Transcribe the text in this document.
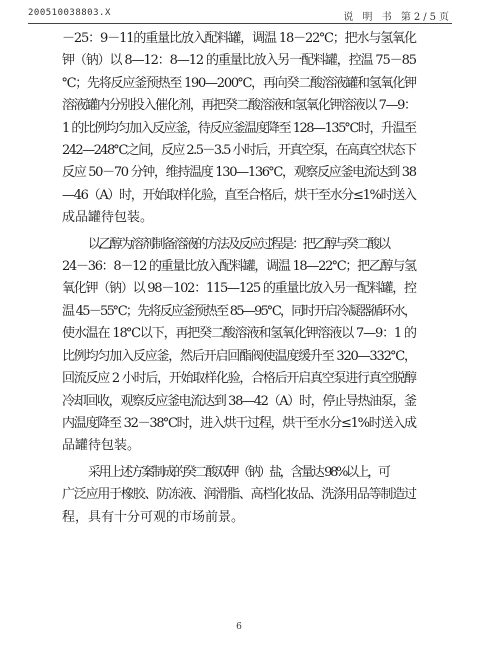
200510038803.X	说 明 书 第2/5页
－25：9－11的重量比放入配料罐，调温 18－22℃；把水与氢氧化
钾（钠）以 8—12：8—12 的重量比放入另一配料罐，控温 75－85
℃；先将反应釜预热至 190—200℃，再向癸二酸溶液罐和氢氧化钾
溶液罐内分别投入催化剂，再把癸二酸溶液和氢氧化钾溶液以 7—9：
1 的比例均匀加入反应釜，待反应釜温度降至 128—135℃时，升温至
242—248℃之间，反应 2.5－3.5 小时后，开真空泵，在高真空状态下
反应 50－70 分钟，维持温度 130—136℃，观察反应釜电流达到 38
—46（A）时，开始取样化验，直至合格后，烘干至水分≤1%时送入
成品罐待包装。
以乙醇为溶剂制备溶液的方法及反应过程是：把乙醇与癸二酸以
24－36：8－12 的重量比放入配料罐，调温 18—22℃；把乙醇与氢
氧化钾（钠）以 98－102：115—125 的重量比放入另一配料罐，控
温 45－55℃；先将反应釜预热至 85—95℃，同时开启冷凝器循环水，
使水温在 18℃以下，再把癸二酸溶液和氢氧化钾溶液以 7—9：1 的
比例均匀加入反应釜，然后开启回酯阀使温度缓升至 320—332℃，
回流反应 2 小时后，开始取样化验，合格后开启真空泵进行真空脱醇
冷却回收，观察反应釜电流达到 38—42（A）时，停止导热油泵，釜
内温度降至 32－38℃时，进入烘干过程，烘干至水分≤1%时送入成
品罐待包装。
采用上述方案制成的癸二酸双钾（钠）盐，含量达 98%以上，可
广泛应用于橡胶、防冻液、润滑脂、高档化妆品、洗涤用品等制造过
程，具有十分可观的市场前景。
6
